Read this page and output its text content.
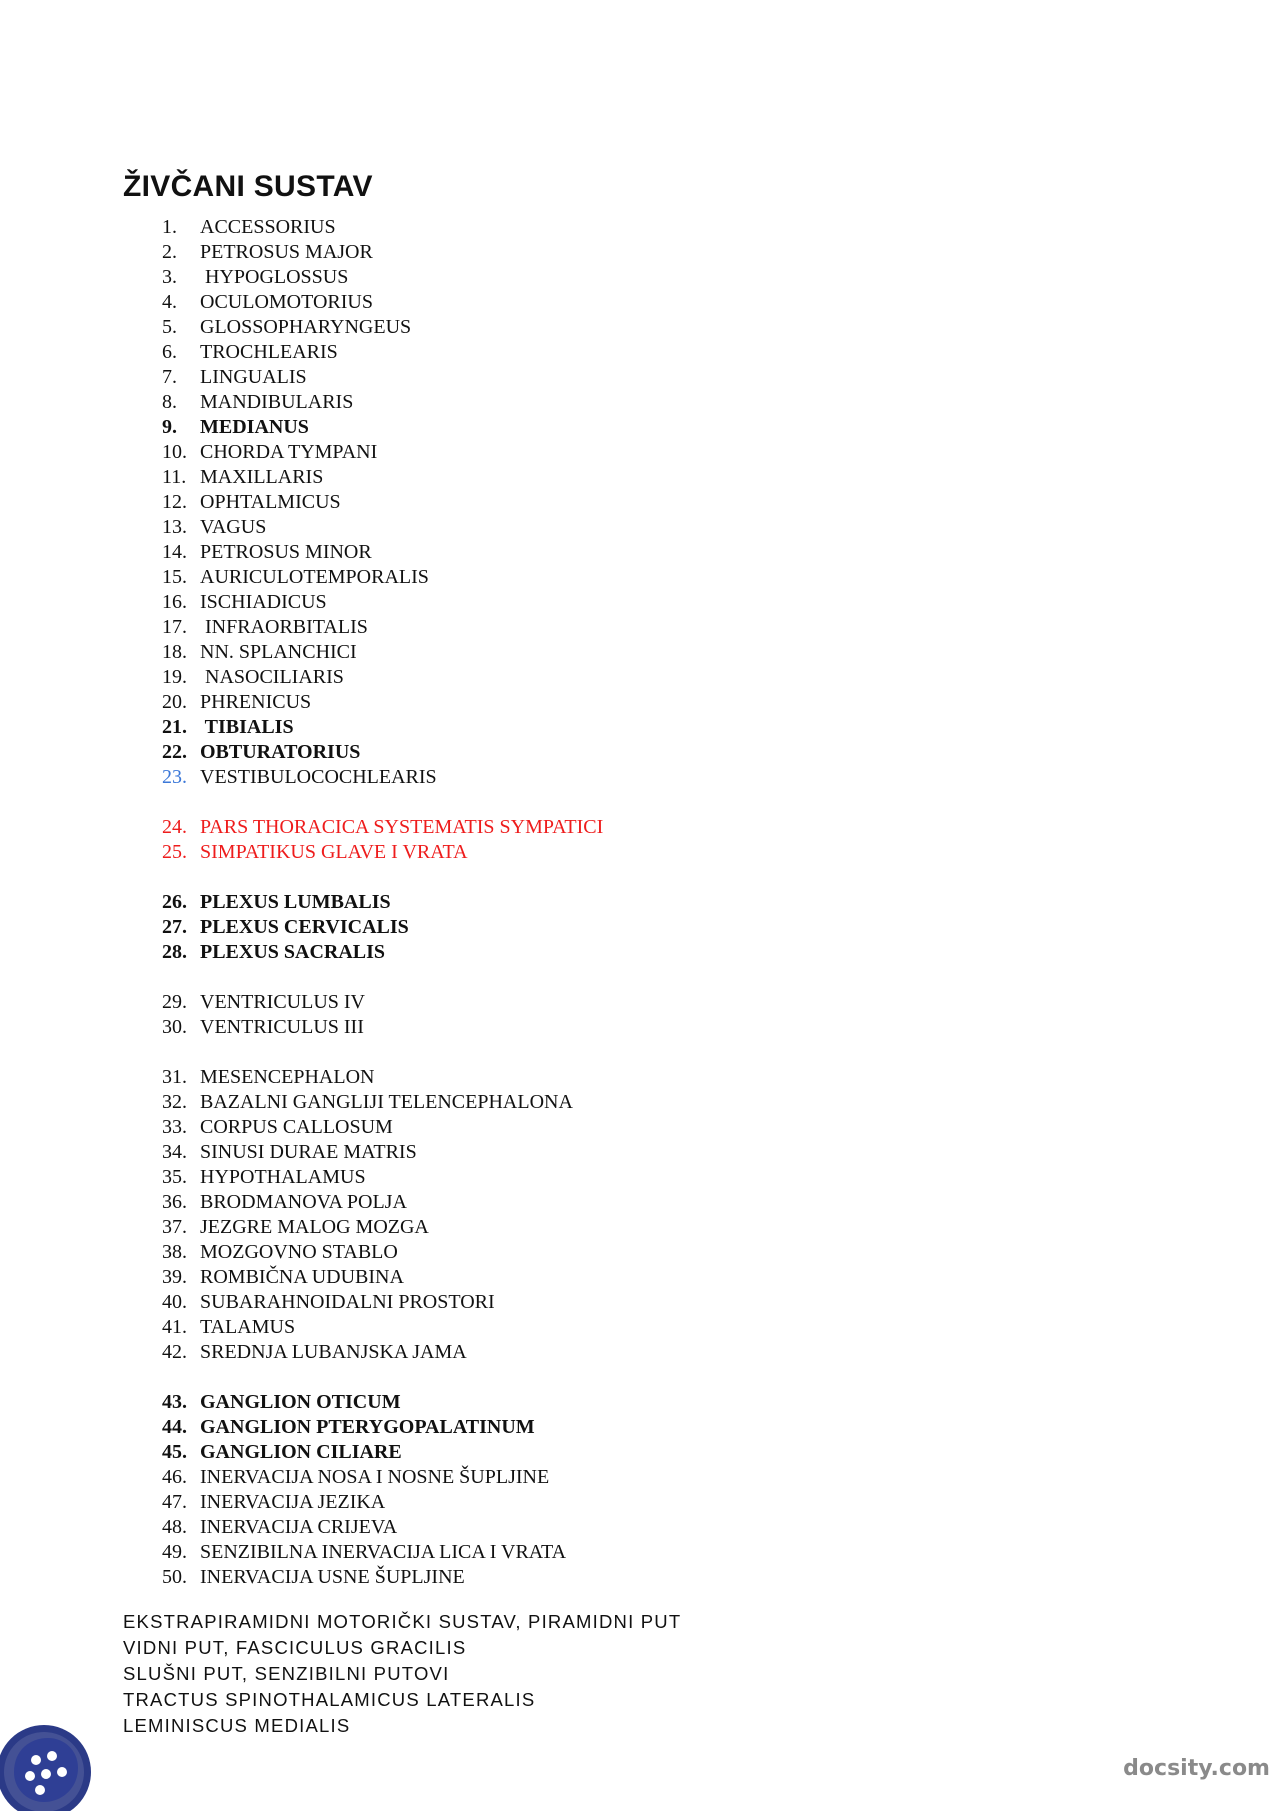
ŽIVČANI SUSTAV
1.	ACCESSORIUS
2.	PETROSUS MAJOR
3.	HYPOGLOSSUS
4.	OCULOMOTORIUS
5.	GLOSSOPHARYNGEUS
6.	TROCHLEARIS
7.	LINGUALIS
8.	MANDIBULARIS
9.	MEDIANUS
10. CHORDA TYMPANI
11. MAXILLARIS
12. OPHTALMICUS
13. VAGUS
14. PETROSUS MINOR
15. AURICULOTEMPORALIS
16. ISCHIADICUS
17. INFRAORBITALIS
18. NN. SPLANCHICI
19. NASOCILIARIS
20. PHRENICUS
21. TIBIALIS
22. OBTURATORIUS
23. VESTIBULOCOCHLEARIS
24. PARS THORACICA SYSTEMATIS SYMPATICI
25. SIMPATIKUS GLAVE I VRATA
26. PLEXUS LUMBALIS
27. PLEXUS CERVICALIS
28. PLEXUS SACRALIS
29. VENTRICULUS IV
30. VENTRICULUS III
31. MESENCEPHALON
32. BAZALNI GANGLIJI TELENCEPHALONA
33. CORPUS CALLOSUM
34. SINUSI DURAE MATRIS
35. HYPOTHALAMUS
36. BRODMANOVA POLJA
37. JEZGRE MALOG MOZGA
38. MOZGOVNO STABLO
39. ROMBIČNA UDUBINA
40. SUBARAHNOIDALNI PROSTORI
41. TALAMUS
42. SREDNJA LUBANJSKA JAMA
43. GANGLION OTICUM
44. GANGLION PTERYGOPALATINUM
45. GANGLION CILIARE
46. INERVACIJA NOSA I NOSNE ŠUPLJINE
47. INERVACIJA JEZIKA
48. INERVACIJA CRIJEVA
49. SENZIBILNA INERVACIJA LICA I VRATA
50. INERVACIJA USNE ŠUPLJINE
EKSTRAPIRAMIDNI MOTORIČKI SUSTAV, PIRAMIDNI PUT
VIDNI PUT, FASCICULUS GRACILIS
SLUŠNI PUT, SENZIBILNI PUTOVI
TRACTUS SPINOTHALAMICUS LATERALIS
LEMINISCUS MEDIALIS
docsity.com
